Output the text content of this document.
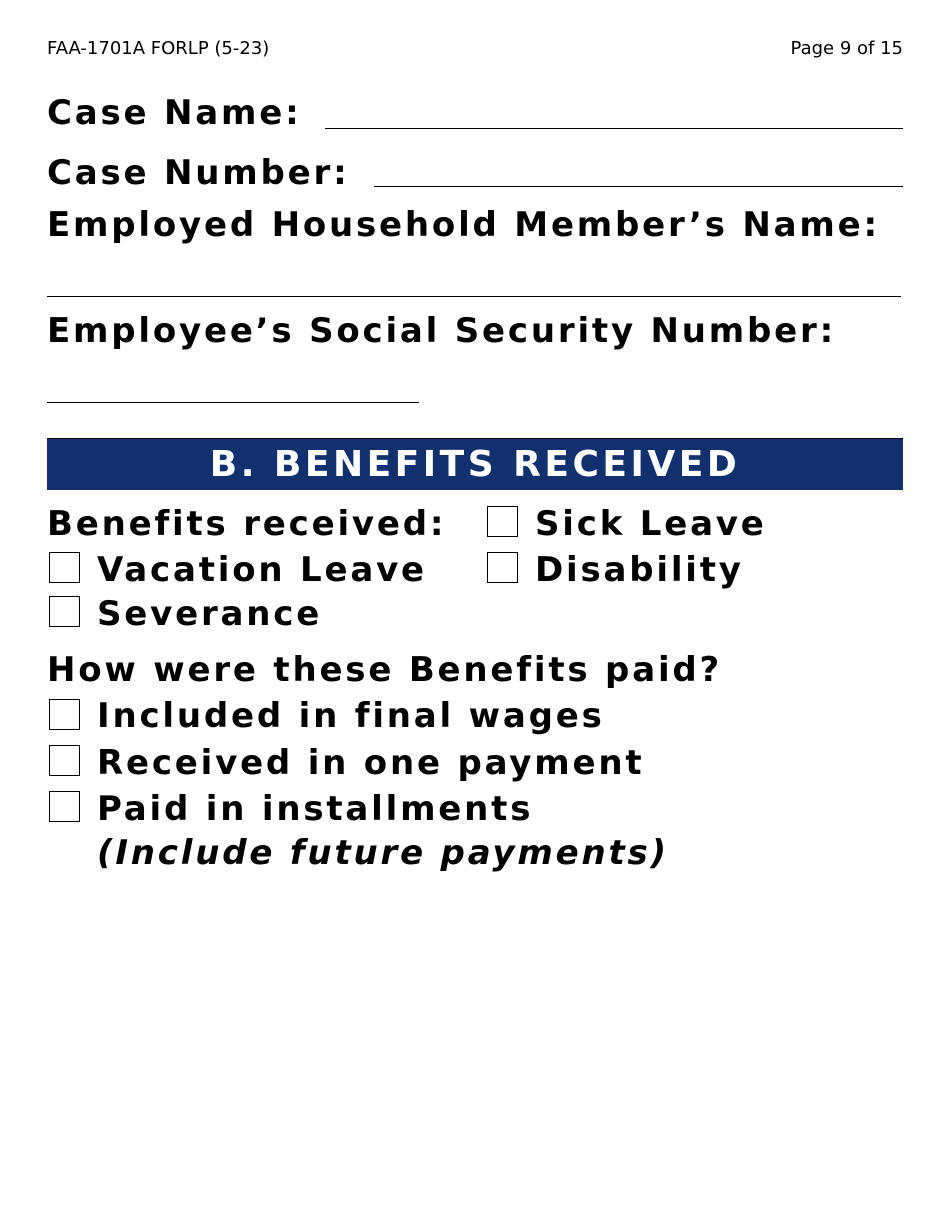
FAA-1701A FORLP (5-23)	Page 9 of 15
Case Name:
Case Number:
Employed Household Member’s Name:
Employee’s Social Security Number:
B. BENEFITS RECEIVED
Benefits received:	Sick Leave
Vacation Leave	Disability
Severance
How were these Benefits paid?
Included in final wages
Received in one payment
Paid in installments
(Include future payments)
